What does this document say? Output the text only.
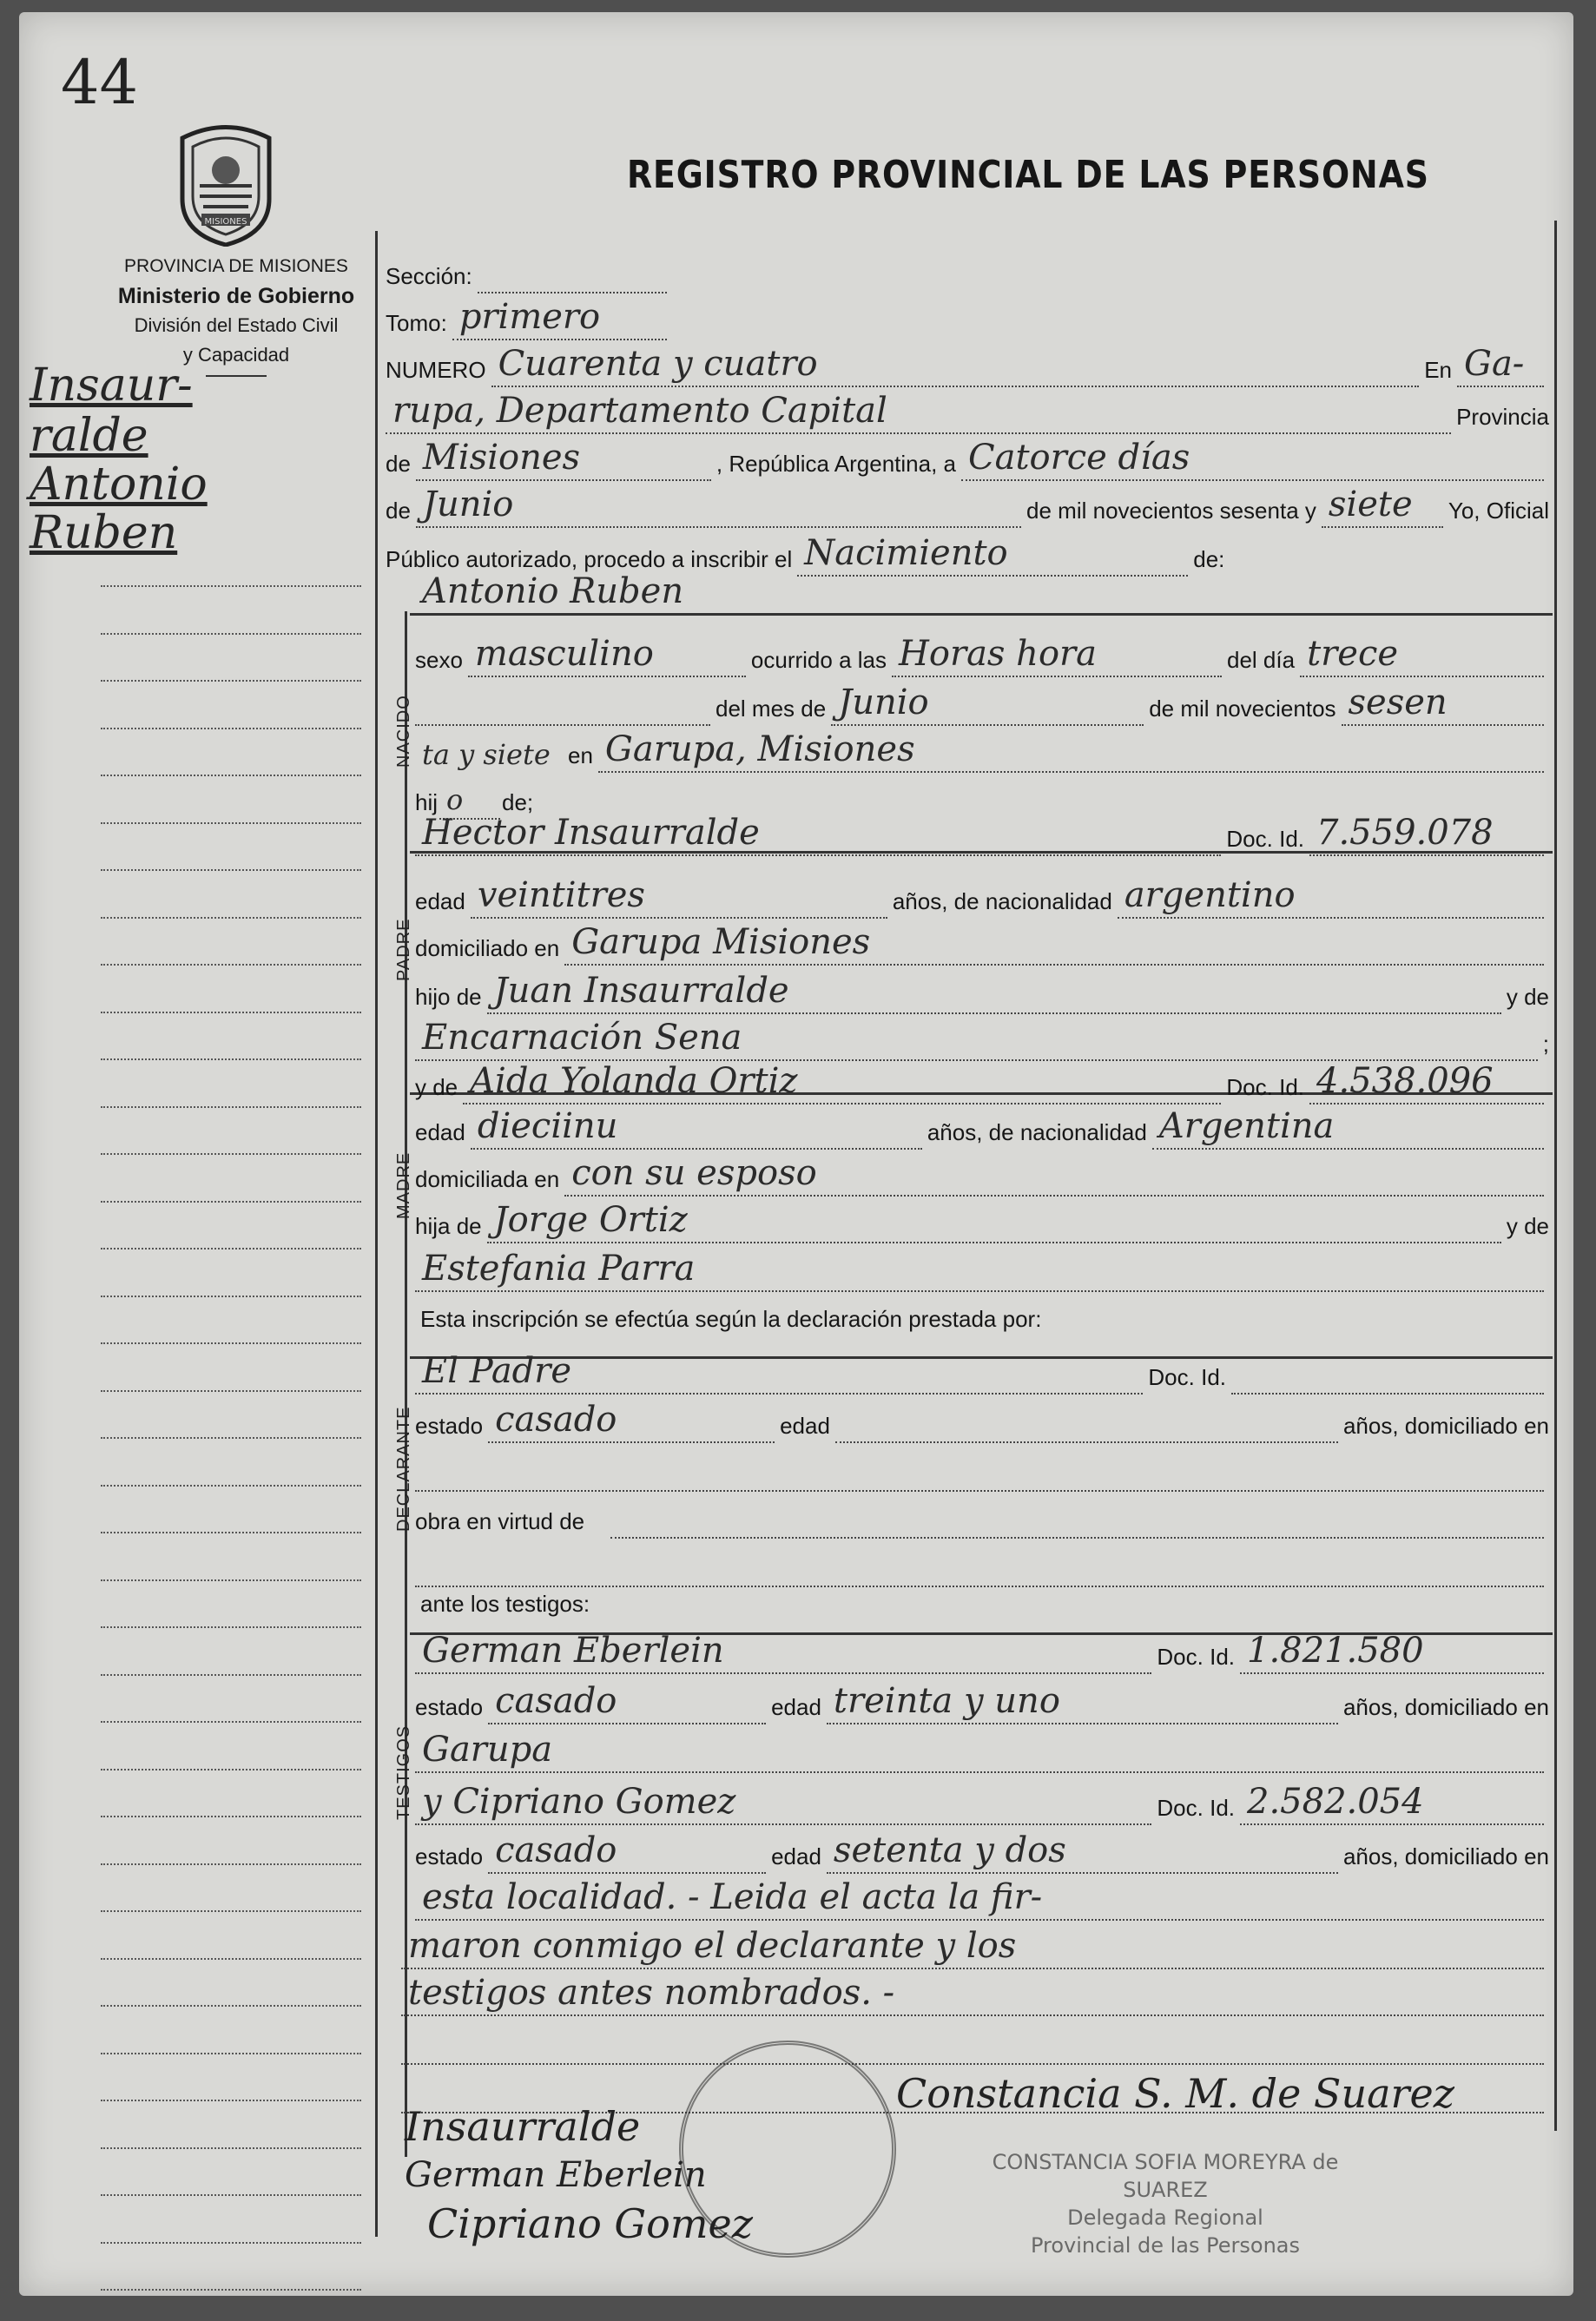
44
MISIONES
REGISTRO PROVINCIAL DE LAS PERSONAS
PROVINCIA DE MISIONES
Ministerio de Gobierno
División del Estado Civil
y Capacidad
Insaur-
ralde
Antonio
Ruben
NACIDO
PADRE
MADRE
DECLARANTE
TESTIGOS
Sección:
Tomo: primero
NUMERO Cuarenta y cuatro	En Ga-
rupa, Departamento Capital	Provincia
de Misiones	, República Argentina, a Catorce días
de Junio	de mil novecientos sesenta y siete Yo, Oficial
Público autorizado, procedo a inscribir el Nacimiento	de:
Antonio Ruben
sexo masculino	ocurrido a las Horas hora	del día trece
del mes de Junio	de mil novecientos sesen
ta y siete en Garupa, Misiones
hij o de;
Hector Insaurralde	Doc. Id. 7.559.078
edad veintitres	años, de nacionalidad argentino
domiciliado en Garupa Misiones
hijo de Juan Insaurralde	y de
Encarnación Sena	;
y de Aida Yolanda Ortiz	Doc. Id. 4.538.096
edad dieciinu	años, de nacionalidad Argentina
domiciliada en con su esposo
hija de Jorge Ortiz	y de
Estefania Parra
Esta inscripción se efectúa según la declaración prestada por:
El Padre	Doc. Id.
estado casado	edad	años, domiciliado en
obra en virtud de
ante los testigos:
German Eberlein	Doc. Id. 1.821.580
estado casado	edad treinta y uno	años, domiciliado en
Garupa
y Cipriano Gomez	Doc. Id. 2.582.054
estado casado	edad setenta y dos	años, domiciliado en
esta localidad. - Leida el acta la fir-
maron conmigo el declarante y los
testigos antes nombrados. -
Constancia S. M. de Suarez
CONSTANCIA SOFIA MOREYRA de SUAREZ
Delegada Regional
Provincial de las Personas
Insaurralde
German Eberlein
Cipriano Gomez
